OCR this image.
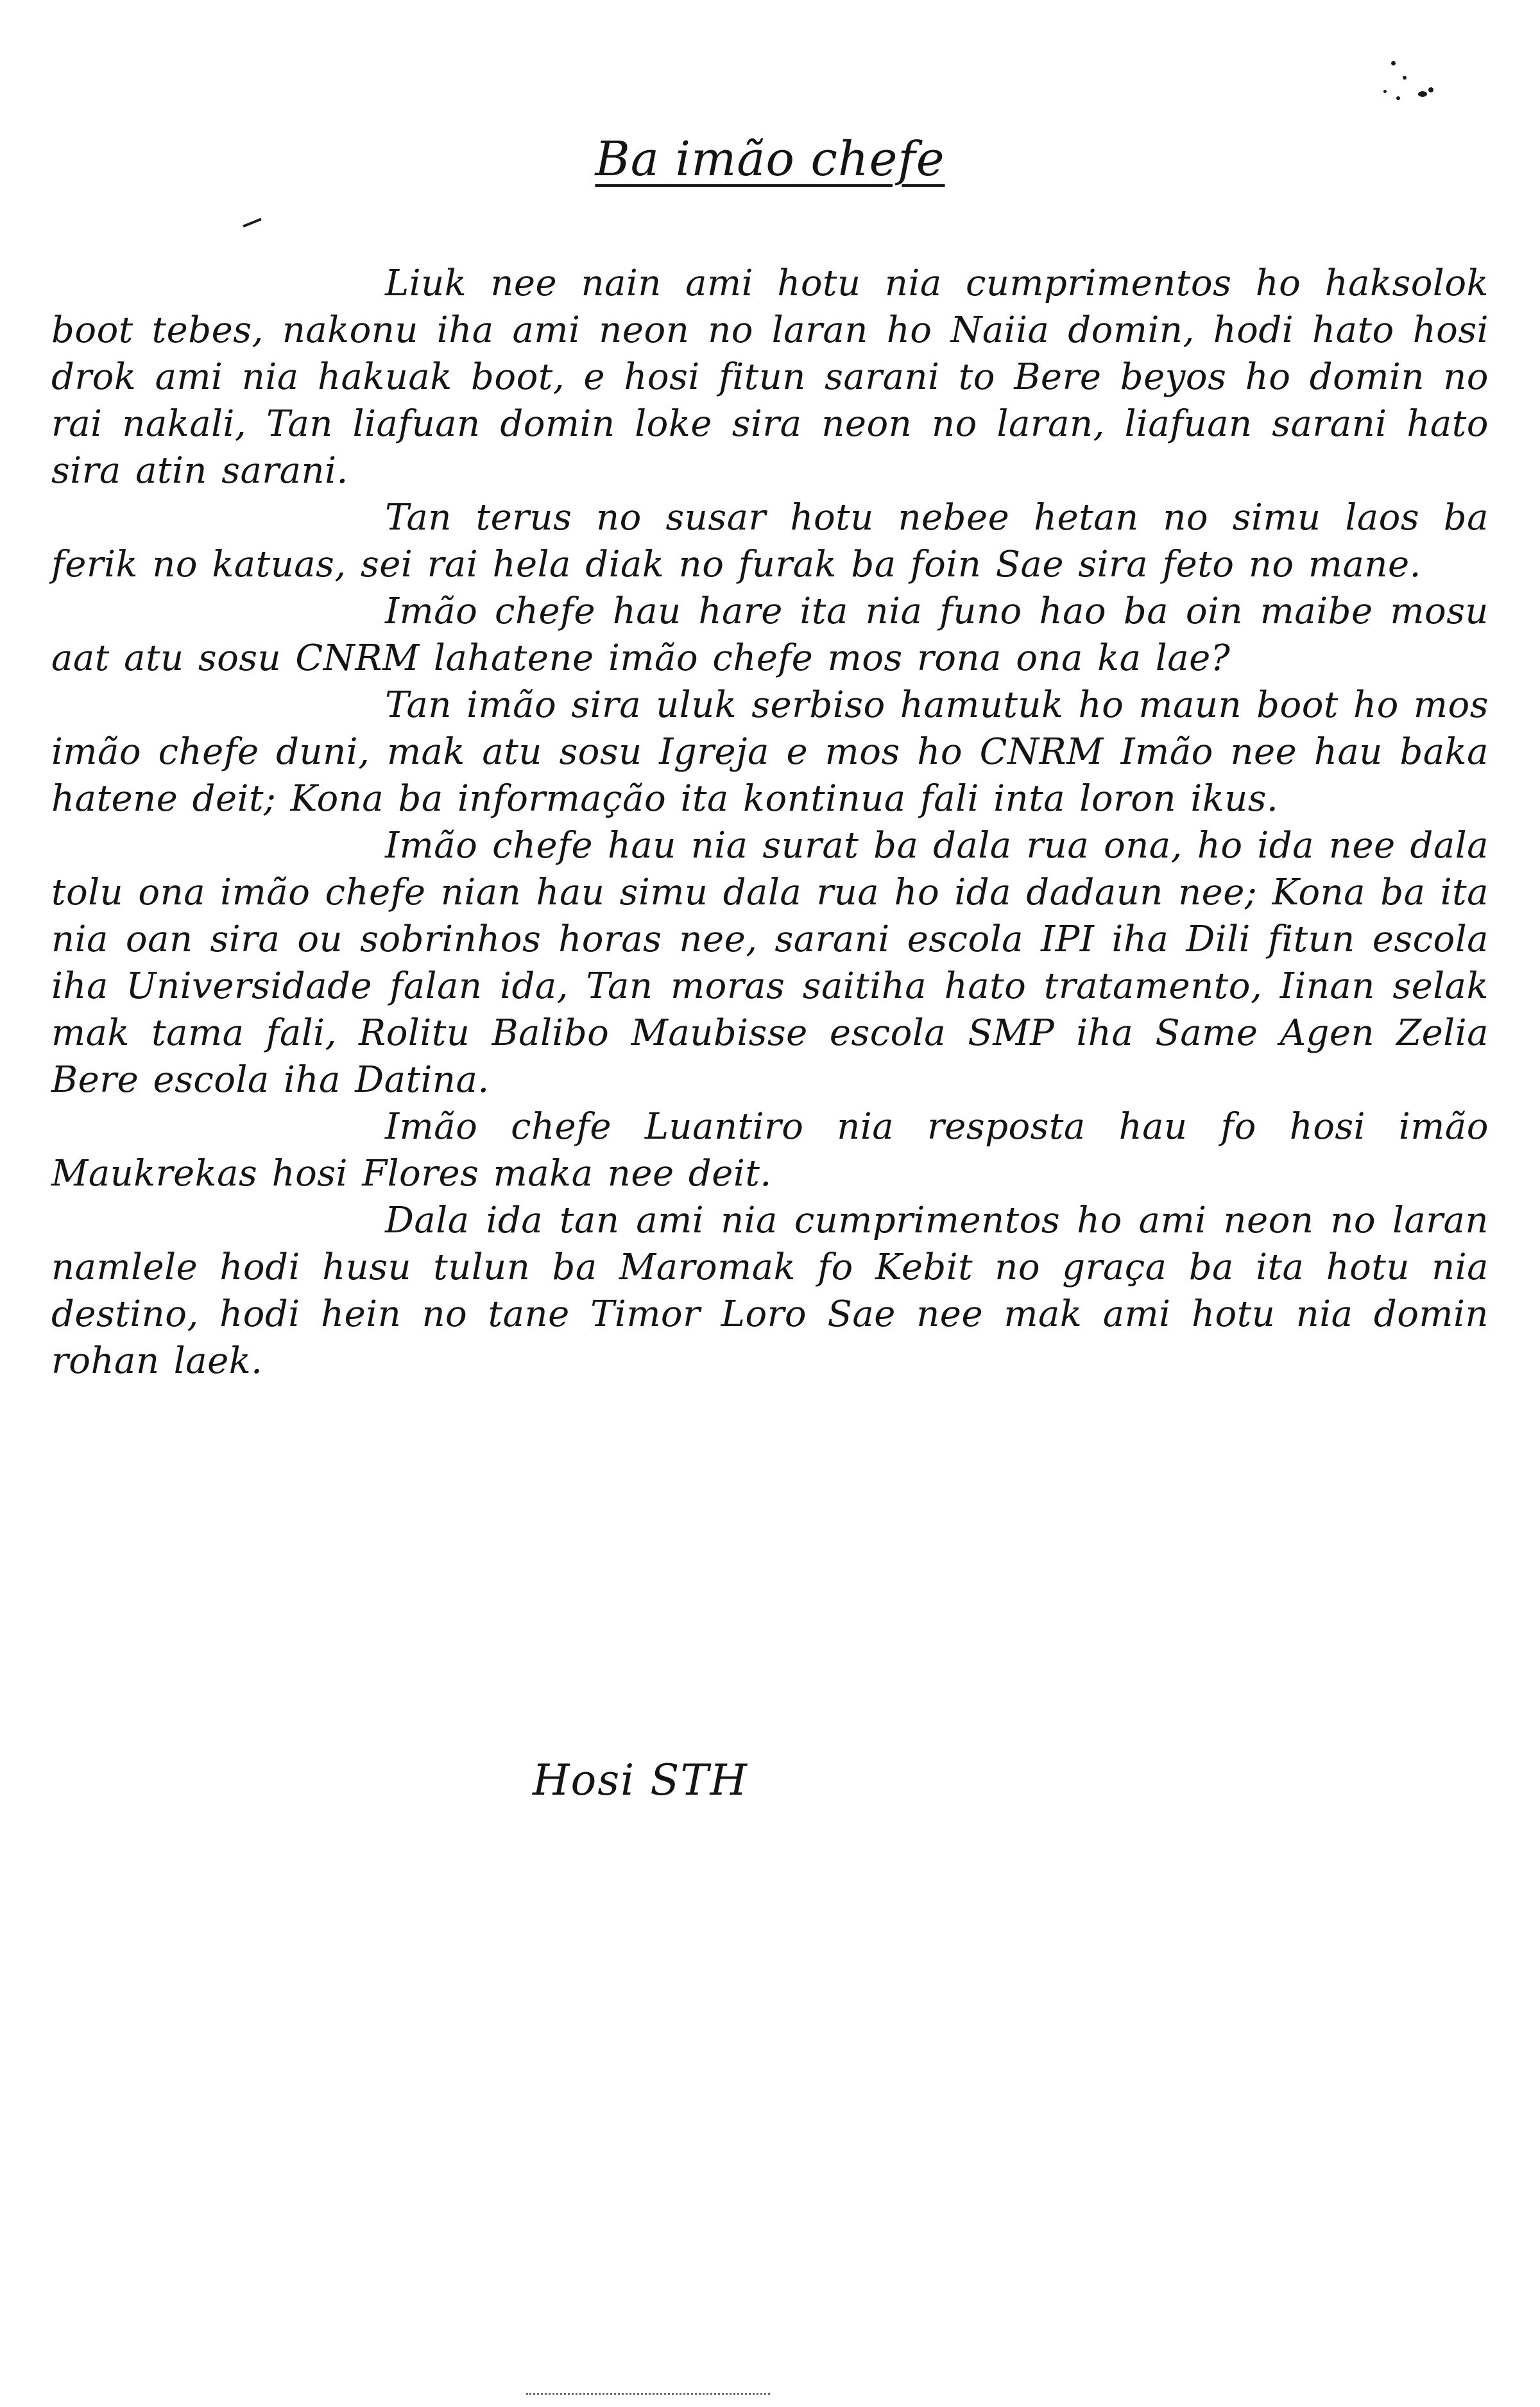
Ba imão chefe

Liuk nee nain ami hotu nia cumprimentos ho haksolok boot tebes, nakonu iha ami neon no laran ho Naiia domin, hodi hato hosi drok ami nia hakuak boot, e hosi fitun sarani to Bere beyos ho domin no rai nakali, Tan liafuan domin loke sira neon no laran, liafuan sarani hato sira atin sarani.

Tan terus no susar hotu nebee hetan no simu laos ba ferik no katuas, sei rai hela diak no furak ba foin Sae sira feto no mane.

Imão chefe hau hare ita nia funo hao ba oin maibe mosu aat atu sosu CNRM lahatene imão chefe mos rona ona ka lae?

Tan imão sira uluk serbiso hamutuk ho maun boot ho mos imão chefe duni, mak atu sosu Igreja e mos ho CNRM Imão nee hau baka hatene deit; Kona ba informação ita kontinua fali inta loron ikus.

Imão chefe hau nia surat ba dala rua ona, ho ida nee dala tolu ona imão chefe nian hau simu dala rua ho ida dadaun nee; Kona ba ita nia oan sira ou sobrinhos horas nee, sarani escola IPI iha Dili fitun escola iha Universidade falan ida, Tan moras saitiha hato tratamento, Iinan selak mak tama fali, Rolitu Balibo Maubisse escola SMP iha Same Agen Zelia Bere escola iha Datina.

Imão chefe Luantiro nia resposta hau fo hosi imão Maukrekas hosi Flores maka nee deit.

Dala ida tan ami nia cumprimentos ho ami neon no laran namlele hodi husu tulun ba Maromak fo Kebit no graça ba ita hotu nia destino, hodi hein no tane Timor Loro Sae nee mak ami hotu nia domin rohan laek.

Hosi STH
